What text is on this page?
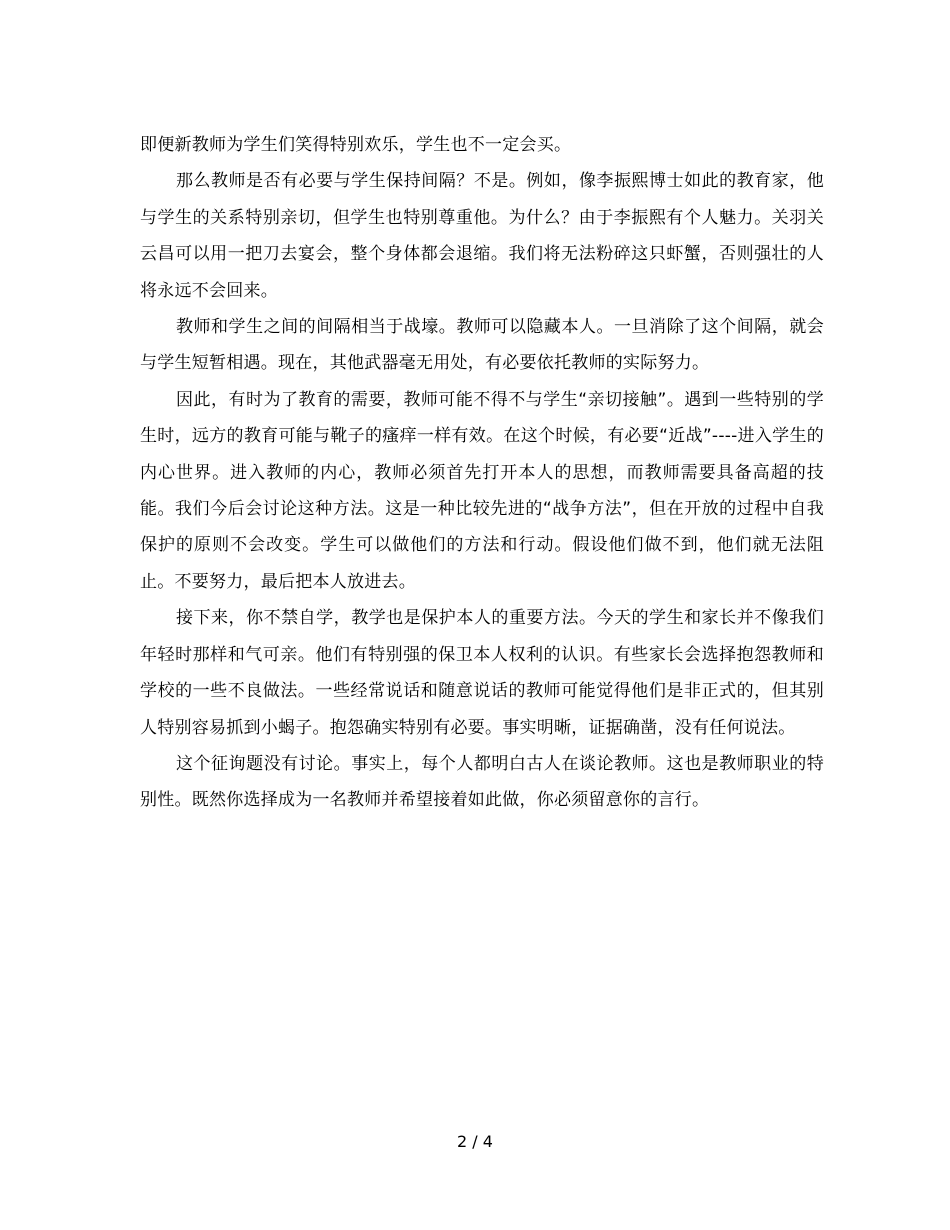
即便新教师为学生们笑得特别欢乐，学生也不一定会买。

那么教师是否有必要与学生保持间隔？不是。例如，像李振熙博士如此的教育家，他与学生的关系特别亲切，但学生也特别尊重他。为什么？由于李振熙有个人魅力。关羽关云昌可以用一把刀去宴会，整个身体都会退缩。我们将无法粉碎这只虾蟹，否则强壮的人将永远不会回来。

教师和学生之间的间隔相当于战壕。教师可以隐藏本人。一旦消除了这个间隔，就会与学生短暂相遇。现在，其他武器毫无用处，有必要依托教师的实际努力。

因此，有时为了教育的需要，教师可能不得不与学生“亲切接触”。遇到一些特别的学生时，远方的教育可能与靴子的瘙痒一样有效。在这个时候，有必要“近战”----进入学生的内心世界。进入教师的内心，教师必须首先打开本人的思想，而教师需要具备高超的技能。我们今后会讨论这种方法。这是一种比较先进的“战争方法”，但在开放的过程中自我保护的原则不会改变。学生可以做他们的方法和行动。假设他们做不到，他们就无法阻止。不要努力，最后把本人放进去。

接下来，你不禁自学，教学也是保护本人的重要方法。今天的学生和家长并不像我们年轻时那样和气可亲。他们有特别强的保卫本人权利的认识。有些家长会选择抱怨教师和学校的一些不良做法。一些经常说话和随意说话的教师可能觉得他们是非正式的，但其别人特别容易抓到小蝎子。抱怨确实特别有必要。事实明晰，证据确凿，没有任何说法。

这个征询题没有讨论。事实上，每个人都明白古人在谈论教师。这也是教师职业的特别性。既然你选择成为一名教师并希望接着如此做，你必须留意你的言行。

2 / 4
